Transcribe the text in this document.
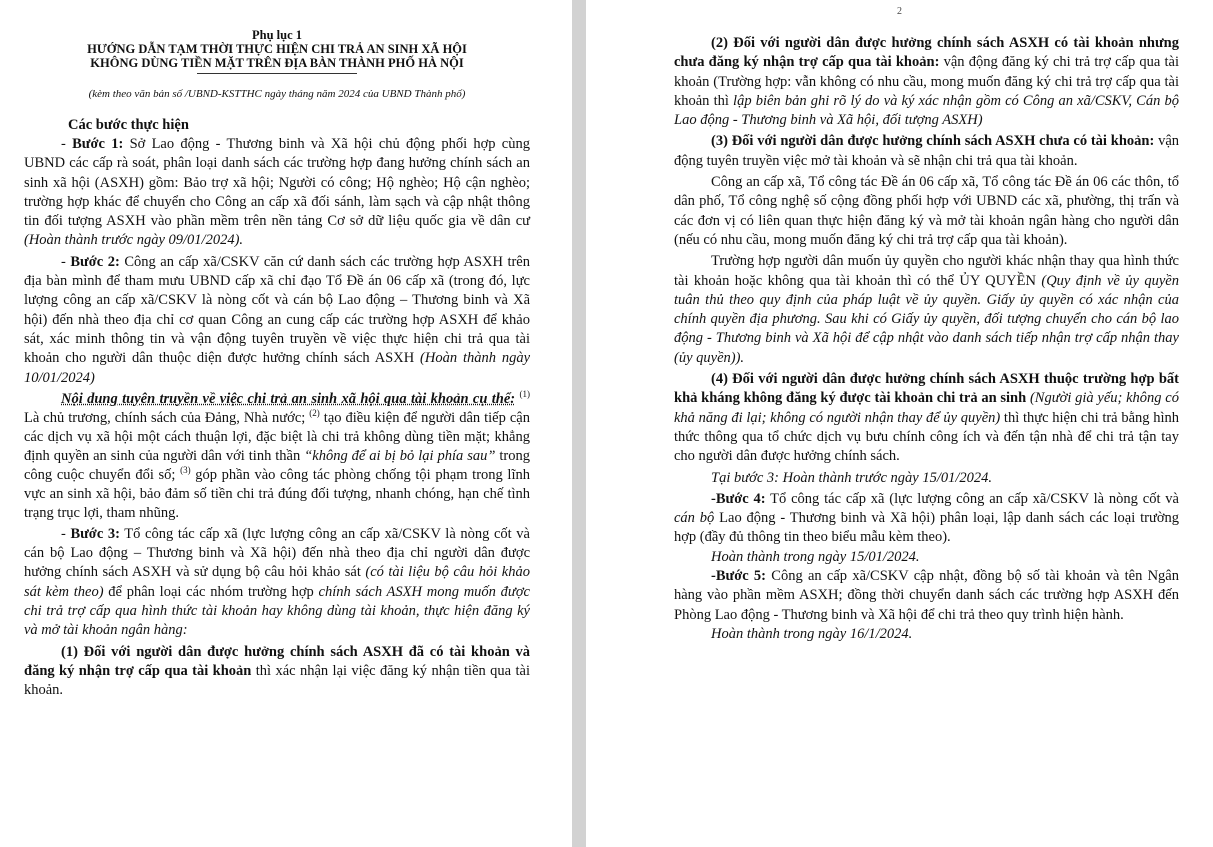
Phụ lục 1
HƯỚNG DẪN TẠM THỜI THỰC HIỆN CHI TRẢ AN SINH XÃ HỘI
KHÔNG DÙNG TIỀN MẶT TRÊN ĐỊA BÀN THÀNH PHỐ HÀ NỘI
(kèm theo văn bản số /UBND-KSTTHC ngày tháng năm 2024 của UBND Thành phố)
Các bước thực hiện

- Bước 1: Sở Lao động - Thương binh và Xã hội chủ động phối hợp cùng UBND các cấp rà soát, phân loại danh sách các trường hợp đang hưởng chính sách an sinh xã hội (ASXH) gồm: Bảo trợ xã hội; Người có công; Hộ nghèo; Hộ cận nghèo; trường hợp khác để chuyển cho Công an cấp xã đối sánh, làm sạch và cập nhật thông tin đối tượng ASXH vào phần mềm trên nền tảng Cơ sở dữ liệu quốc gia về dân cư (Hoàn thành trước ngày 09/01/2024).

- Bước 2: Công an cấp xã/CSKV căn cứ danh sách các trường hợp ASXH trên địa bàn mình để tham mưu UBND cấp xã chỉ đạo Tổ Đề án 06 cấp xã (trong đó, lực lượng công an cấp xã/CSKV là nòng cốt và cán bộ Lao động – Thương binh và Xã hội) đến nhà theo địa chỉ cơ quan Công an cung cấp các trường hợp ASXH để khảo sát, xác minh thông tin và vận động tuyên truyền về việc thực hiện chi trả qua tài khoản cho người dân thuộc diện được hưởng chính sách ASXH (Hoàn thành ngày 10/01/2024)

Nội dung tuyên truyền về việc chi trả an sinh xã hội qua tài khoản cụ thể: $^{(1)}$ Là chủ trương, chính sách của Đảng, Nhà nước; $^{(2)}$ tạo điều kiện để người dân tiếp cận các dịch vụ xã hội một cách thuận lợi, đặc biệt là chi trả không dùng tiền mặt; khẳng định quyền an sinh của người dân với tinh thần “không để ai bị bỏ lại phía sau” trong công cuộc chuyển đổi số; $^{(3)}$ góp phần vào công tác phòng chống tội phạm trong lĩnh vực an sinh xã hội, bảo đảm số tiền chi trả đúng đối tượng, nhanh chóng, hạn chế tình trạng trục lợi, tham nhũng.

- Bước 3: Tổ công tác cấp xã (lực lượng công an cấp xã/CSKV là nòng cốt và cán bộ Lao động – Thương binh và Xã hội) đến nhà theo địa chỉ người dân được hưởng chính sách ASXH và sử dụng bộ câu hỏi khảo sát (có tài liệu bộ câu hỏi khảo sát kèm theo) để phân loại các nhóm trường hợp chính sách ASXH mong muốn được chi trả trợ cấp qua hình thức tài khoản hay không dùng tài khoản, thực hiện đăng ký và mở tài khoản ngân hàng:

(1) Đối với người dân được hưởng chính sách ASXH đã có tài khoản và đăng ký nhận trợ cấp qua tài khoản thì xác nhận lại việc đăng ký nhận tiền qua tài khoản.

2

(2) Đối với người dân được hưởng chính sách ASXH có tài khoản nhưng chưa đăng ký nhận trợ cấp qua tài khoản: vận động đăng ký chi trả trợ cấp qua tài khoản (Trường hợp: vẫn không có nhu cầu, mong muốn đăng ký chi trả trợ cấp qua tài khoản thì lập biên bản ghi rõ lý do và ký xác nhận gồm có Công an xã/CSKV, Cán bộ Lao động - Thương binh và Xã hội, đối tượng ASXH)

(3) Đối với người dân được hưởng chính sách ASXH chưa có tài khoản: vận động tuyên truyền việc mở tài khoản và sẽ nhận chi trả qua tài khoản.

Công an cấp xã, Tổ công tác Đề án 06 cấp xã, Tổ công tác Đề án 06 các thôn, tổ dân phố, Tổ công nghệ số cộng đồng phối hợp với UBND các xã, phường, thị trấn và các đơn vị có liên quan thực hiện đăng ký và mở tài khoản ngân hàng cho người dân (nếu có nhu cầu, mong muốn đăng ký chi trả trợ cấp qua tài khoản).

Trường hợp người dân muốn ủy quyền cho người khác nhận thay qua hình thức tài khoản hoặc không qua tài khoản thì có thể ỦY QUYỀN (Quy định về ủy quyền tuân thủ theo quy định của pháp luật về ủy quyền. Giấy ủy quyền có xác nhận của chính quyền địa phương. Sau khi có Giấy ủy quyền, đối tượng chuyển cho cán bộ lao động - Thương binh và Xã hội để cập nhật vào danh sách tiếp nhận trợ cấp nhận thay (ủy quyền)).

(4) Đối với người dân được hưởng chính sách ASXH thuộc trường hợp bất khả kháng không đăng ký được tài khoản chi trả an sinh (Người già yếu; không có khả năng đi lại; không có người nhận thay để ủy quyền) thì thực hiện chi trả bằng hình thức thông qua tổ chức dịch vụ bưu chính công ích và đến tận nhà để chi trả tận tay cho người dân được hưởng chính sách.

Tại bước 3: Hoàn thành trước ngày 15/01/2024.

-Bước 4: Tổ công tác cấp xã (lực lượng công an cấp xã/CSKV là nòng cốt và cán bộ Lao động - Thương binh và Xã hội) phân loại, lập danh sách các loại trường hợp (đầy đủ thông tin theo biểu mẫu kèm theo).

Hoàn thành trong ngày 15/01/2024.

-Bước 5: Công an cấp xã/CSKV cập nhật, đồng bộ số tài khoản và tên Ngân hàng vào phần mềm ASXH; đồng thời chuyển danh sách các trường hợp ASXH đến Phòng Lao động - Thương binh và Xã hội để chi trả theo quy trình hiện hành.

Hoàn thành trong ngày 16/1/2024.
